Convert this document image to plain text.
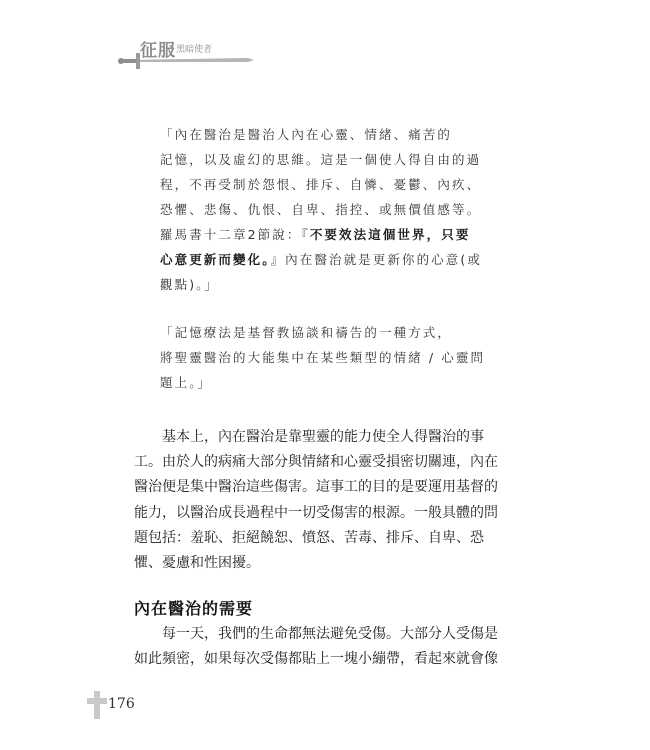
征服 黑暗使者
「內在醫治是醫治人內在心靈、情緒、痛苦的
記憶，以及虛幻的思維。這是一個使人得自由的過
程，不再受制於怨恨、排斥、自憐、憂鬱、內疚、
恐懼、悲傷、仇恨、自卑、指控、或無價值感等。
羅馬書十二章2節說：『不要效法這個世界，只要
心意更新而變化。』內在醫治就是更新你的心意(或
觀點)。」
「記憶療法是基督教協談和禱告的一種方式，
將聖靈醫治的大能集中在某些類型的情緒 / 心靈問
題上。」
　　基本上，內在醫治是靠聖靈的能力使全人得醫治的事
工。由於人的病痛大部分與情緒和心靈受損密切關連，內在
醫治便是集中醫治這些傷害。這事工的目的是要運用基督的
能力，以醫治成長過程中一切受傷害的根源。一般具體的問
題包括：羞恥、拒絕饒恕、憤怒、苦毒、排斥、自卑、恐
懼、憂慮和性困擾。
內在醫治的需要
　　每一天，我們的生命都無法避免受傷。大部分人受傷是
如此頻密，如果每次受傷都貼上一塊小繃帶，看起來就會像
176
